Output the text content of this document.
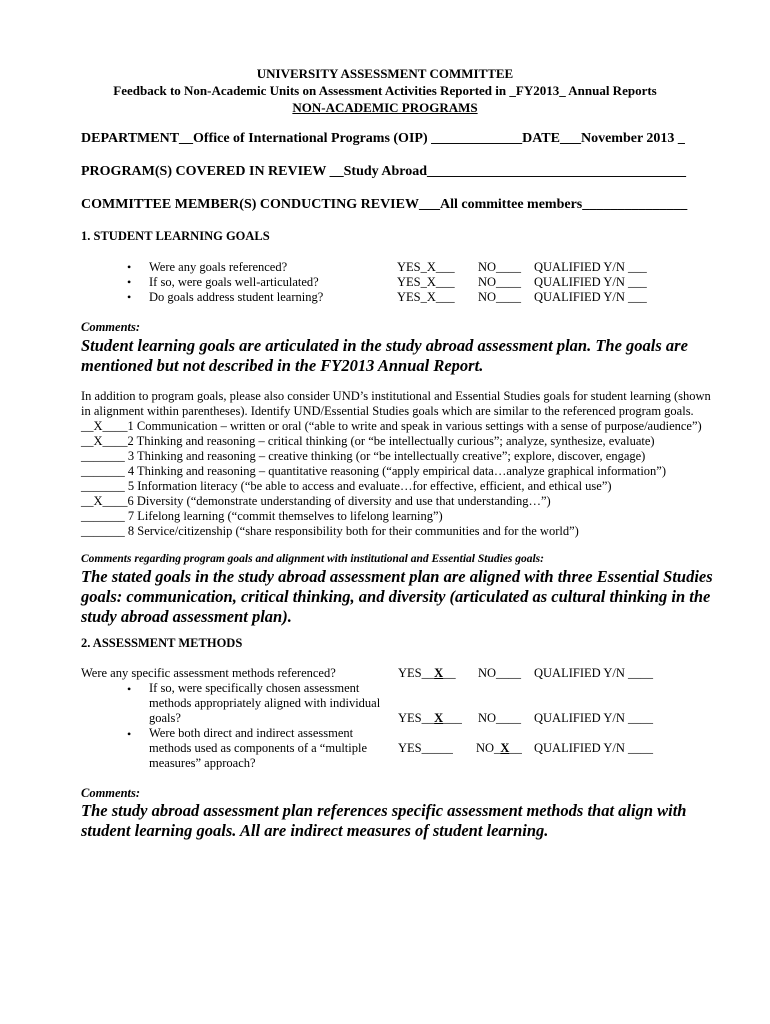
UNIVERSITY ASSESSMENT COMMITTEE
Feedback to Non-Academic Units on Assessment Activities Reported in _FY2013_ Annual Reports
NON-ACADEMIC PROGRAMS
DEPARTMENT__Office of International Programs (OIP) _____________DATE___November 2013 _
PROGRAM(S) COVERED IN REVIEW __Study Abroad_____________________________________
COMMITTEE MEMBER(S) CONDUCTING REVIEW___All committee members_______________
1. STUDENT LEARNING GOALS
• Were any goals referenced?	YES_X___ NO____ QUALIFIED Y/N ___
• If so, were goals well-articulated?	YES_X___ NO____ QUALIFIED Y/N ___
• Do goals address student learning?	YES_X___ NO____ QUALIFIED Y/N ___
Comments:
Student learning goals are articulated in the study abroad assessment plan. The goals are mentioned but not described in the FY2013 Annual Report.
In addition to program goals, please also consider UND’s institutional and Essential Studies goals for student learning (shown in alignment within parentheses). Identify UND/Essential Studies goals which are similar to the referenced program goals.
__X____1 Communication – written or oral (“able to write and speak in various settings with a sense of purpose/audience”)
__X____2 Thinking and reasoning – critical thinking (or “be intellectually curious”; analyze, synthesize, evaluate)
_______ 3 Thinking and reasoning – creative thinking (or “be intellectually creative”; explore, discover, engage)
_______ 4 Thinking and reasoning – quantitative reasoning (“apply empirical data…analyze graphical information”)
_______ 5 Information literacy (“be able to access and evaluate…for effective, efficient, and ethical use”)
__X____6 Diversity (“demonstrate understanding of diversity and use that understanding…”)
_______ 7 Lifelong learning (“commit themselves to lifelong learning”)
_______ 8 Service/citizenship (“share responsibility both for their communities and for the world”)
Comments regarding program goals and alignment with institutional and Essential Studies goals:
The stated goals in the study abroad assessment plan are aligned with three Essential Studies goals: communication, critical thinking, and diversity (articulated as cultural thinking in the study abroad assessment plan).
2. ASSESSMENT METHODS
Were any specific assessment methods referenced?	YES__X__ NO____ QUALIFIED Y/N ____
• If so, were specifically chosen assessment methods appropriately aligned with individual goals?	YES__X___ NO____ QUALIFIED Y/N ____
• Were both direct and indirect assessment methods used as components of a “multiple measures” approach?
YES_____ NO_X__ QUALIFIED Y/N ____
Comments:
The study abroad assessment plan references specific assessment methods that align with student learning goals. All are indirect measures of student learning.
